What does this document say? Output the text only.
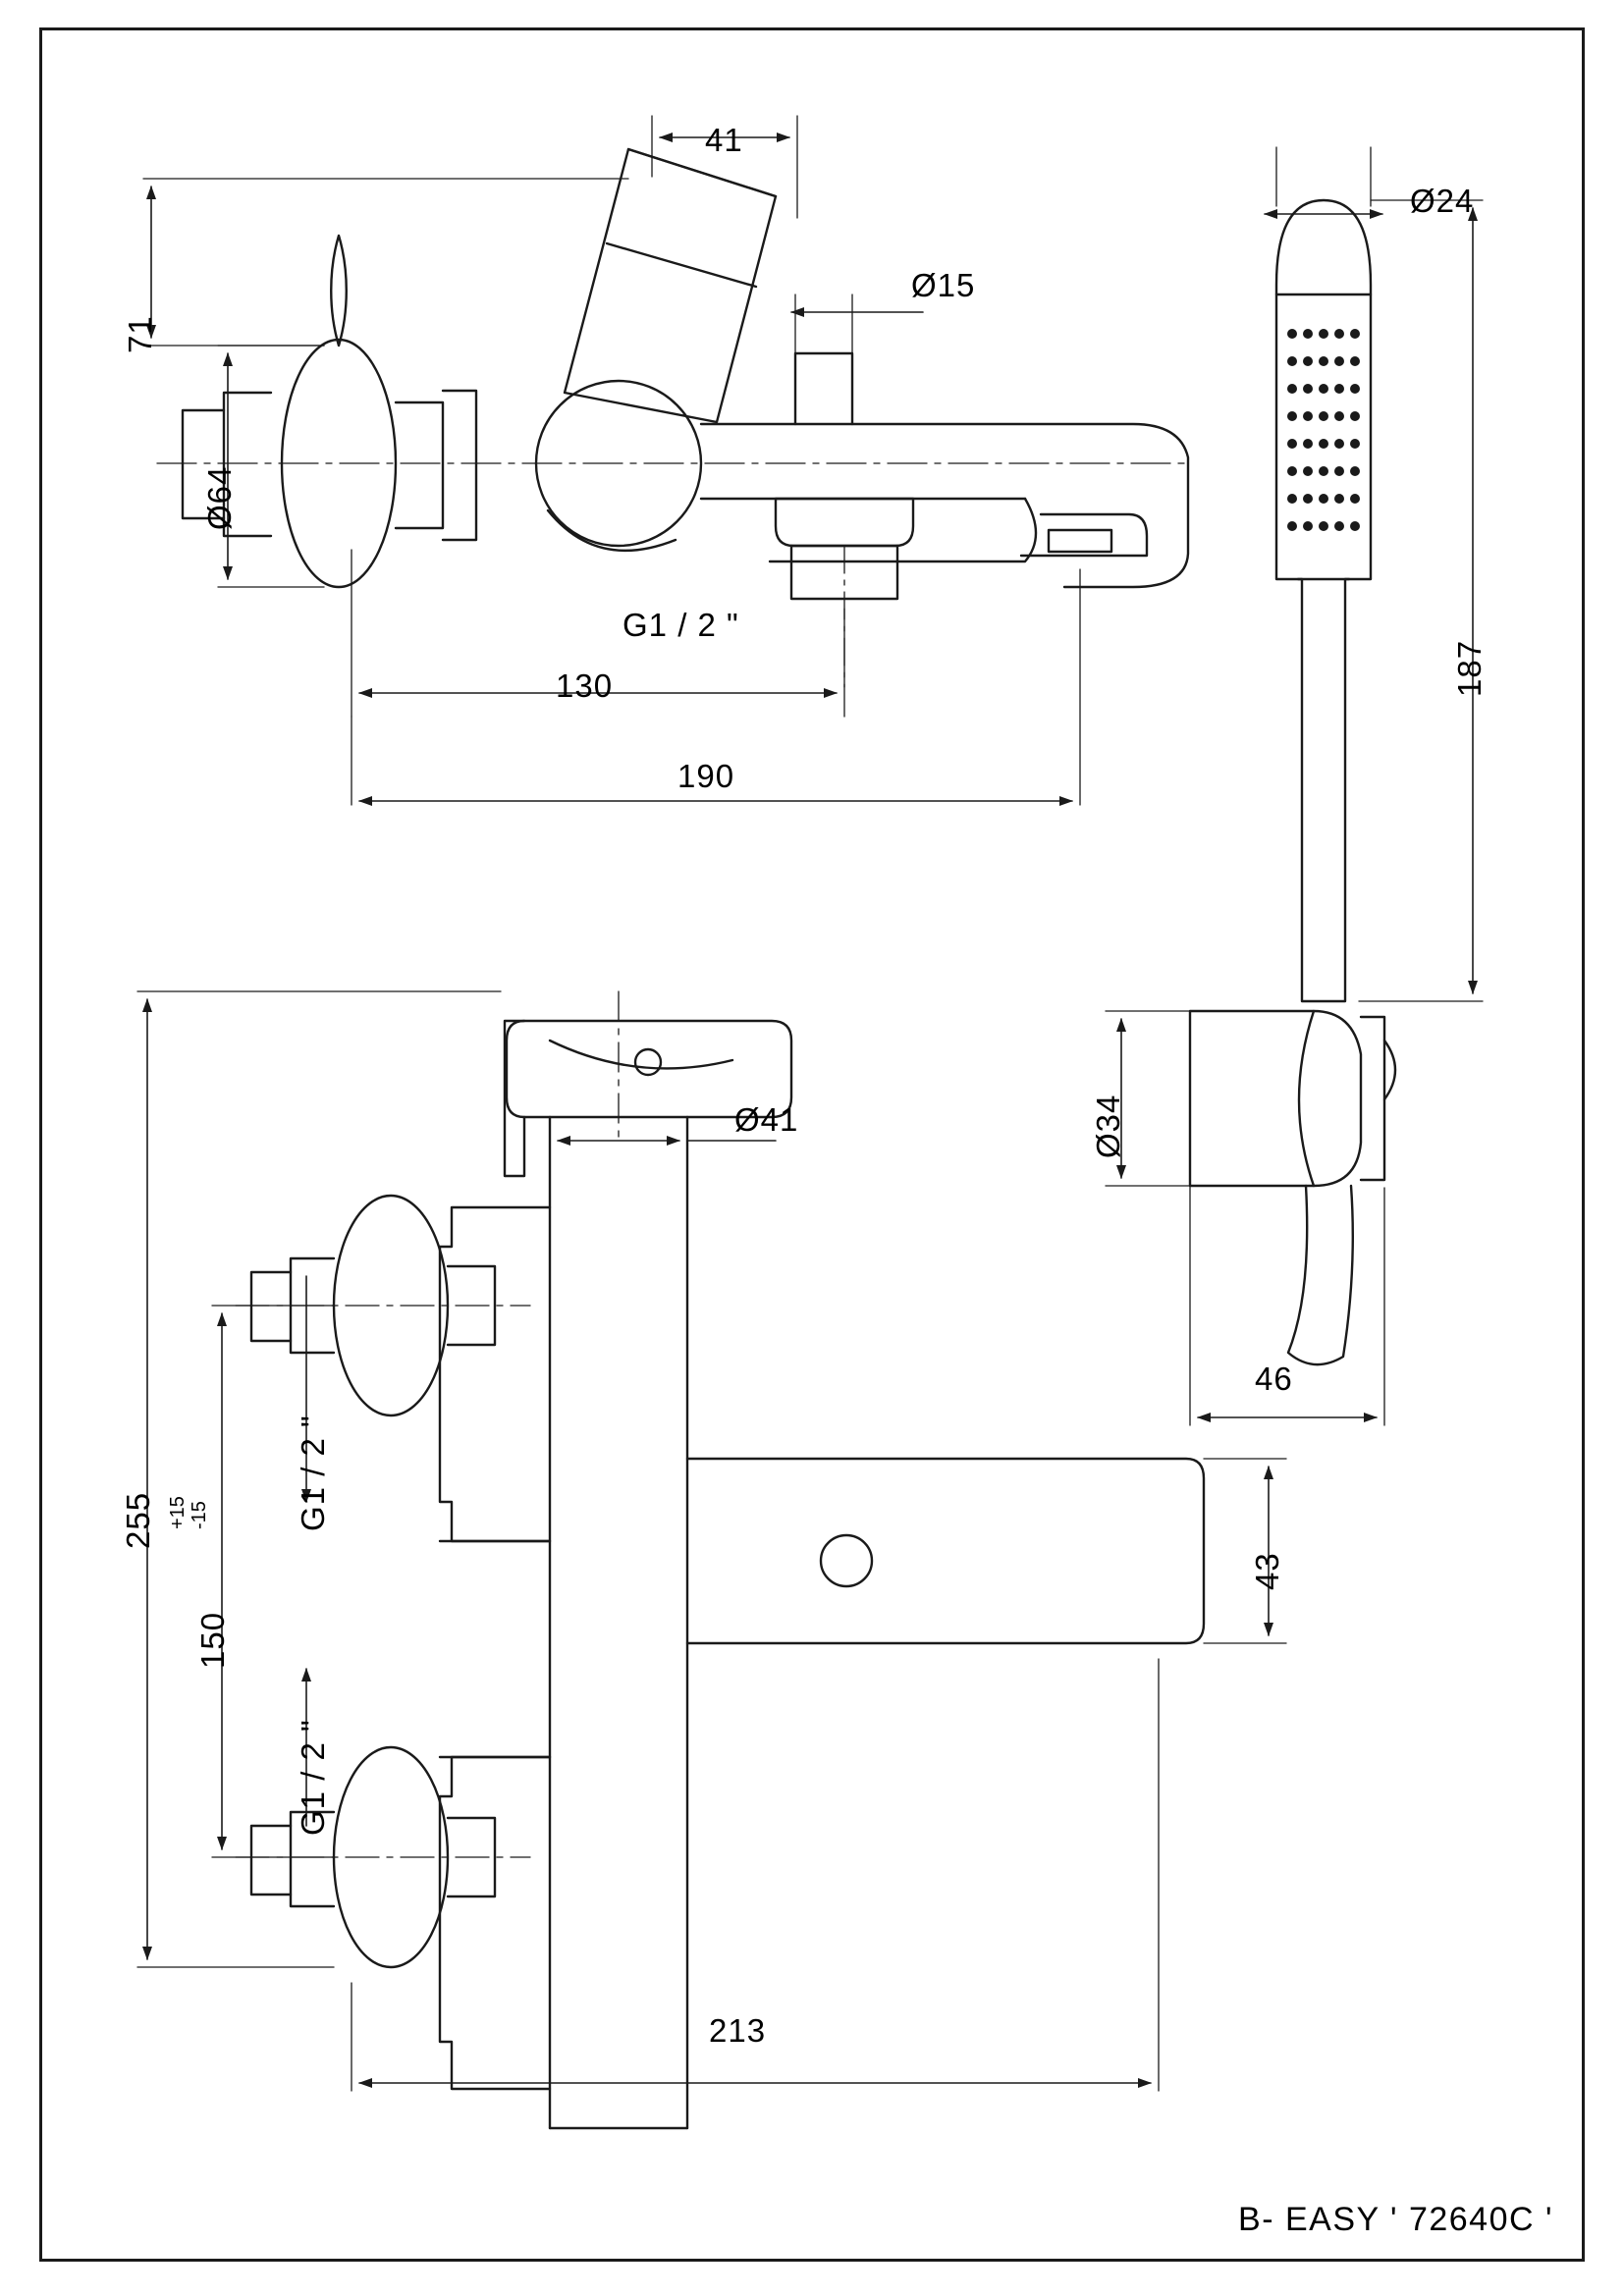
41
Ø15
71
Ø64
G1 / 2 "
130
190
Ø24
187
Ø34
46
Ø41
255
150
+15 -15	G1 / 2 "
G1 / 2 "
43
213
B- EASY ' 72640C '
